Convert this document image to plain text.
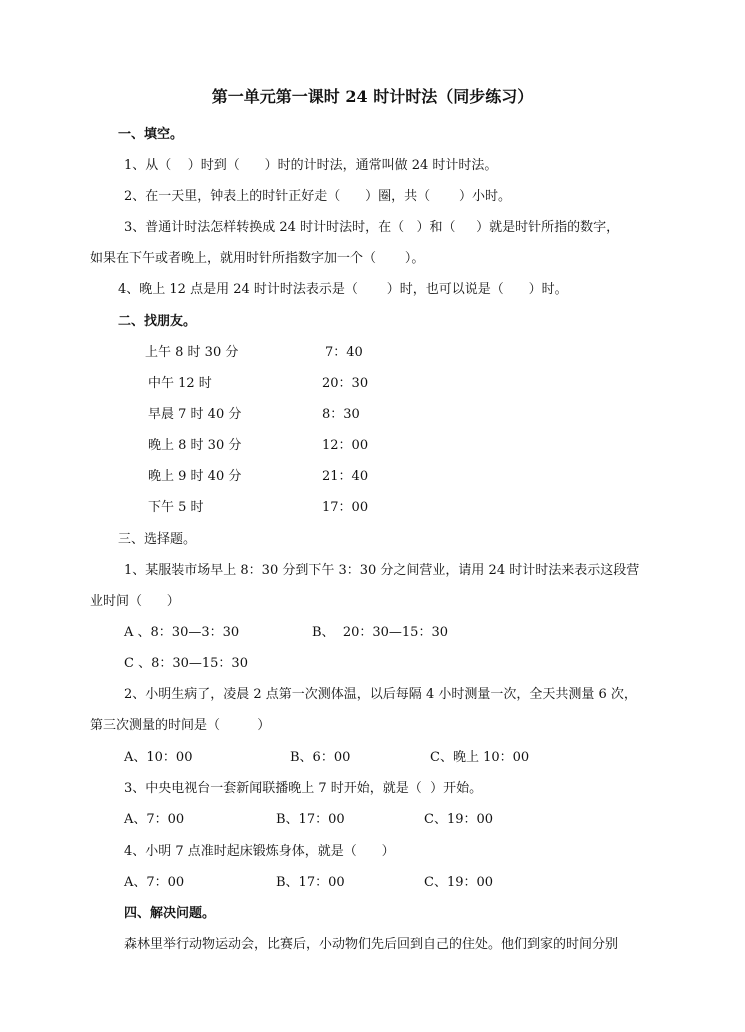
第一单元第一课时 24 时计时法（同步练习）
一、填空。
1、从（    ）时到（      ）时的计时法，通常叫做 24 时计时法。
2、在一天里，钟表上的时针正好走（      ）圈，共（       ）小时。
3、普通计时法怎样转换成 24 时计时法时，在（   ）和（     ）就是时针所指的数字，
如果在下午或者晚上，就用时针所指数字加一个（       ）。
4、晚上 12 点是用 24 时计时法表示是（       ）时，也可以说是（      ）时。
二、找朋友。
上午 8 时 30 分	7：40
中午 12 时	20：30
早晨 7 时 40 分	8：30
晚上 8 时 30 分	12：00
晚上 9 时 40 分	21：40
下午 5 时	17：00
三、选择题。
1、某服装市场早上 8：30 分到下午 3：30 分之间营业，请用 24 时计时法来表示这段营
业时间（      ）
A 、8：30—3：30	B、  20：30—15：30
C 、8：30—15：30
2、小明生病了，凌晨 2 点第一次测体温，以后每隔 4 小时测量一次，全天共测量 6 次，
第三次测量的时间是（         ）
A、10：00	B、6：00	C、晚上 10：00
3、中央电视台一套新闻联播晚上 7 时开始，就是（  ）开始。
A、7：00	B、17：00	C、19：00
4、小明 7 点准时起床锻炼身体，就是（      ）
A、7：00	B、17：00	C、19：00
四、解决问题。
森林里举行动物运动会，比赛后，小动物们先后回到自己的住处。他们到家的时间分别
